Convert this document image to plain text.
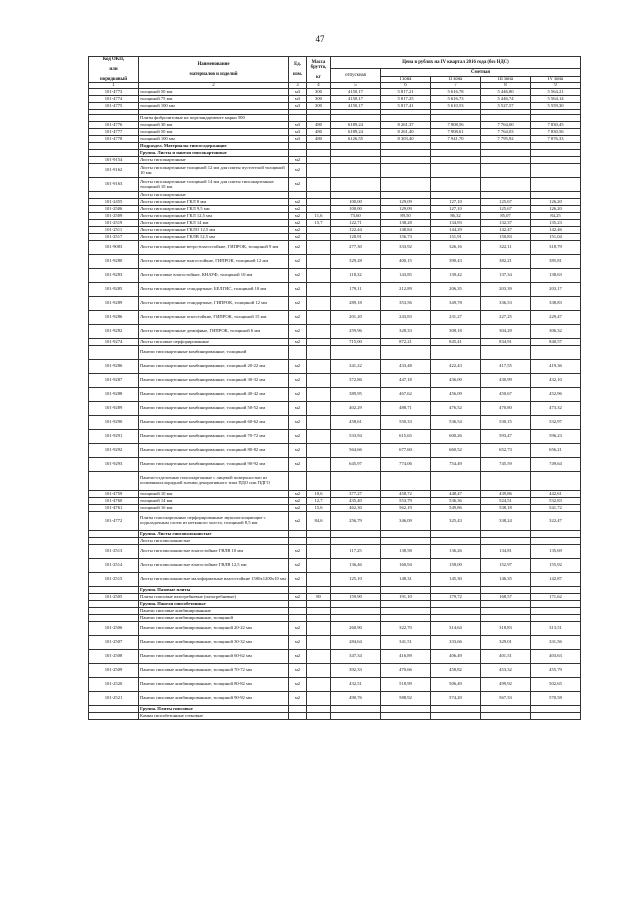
47
Код ОКП,

или

порядковый	Наименование

материалов и изделий	Ед.

изм.	Масса
брутто,

кг	Цена в рублях на IV квартал 2016 года (без НДС)				
				отпускная	Сметная			
					I зона	II зона	III зона	IV зона
1	2	3	4	5	6	7	8	9
101-4773	толщиной 50 мм	м3	300	4150,17	5 817,21	5 616,78	5 446,80	5 564,21
101-4774	толщиной 75 мм	м3	300	4150,17	5 817,25	5 616,73	5 446,74	5 564,14
101-4775	толщиной 100 мм	м3	300	4150,17	5 817,41	5 610,53	5 527,57	5 559,30

	Плиты фибролитовые на портландцементе марки 500							
101-4776	толщиной 30 мм	м3	480	6189,24	8 261,37	7 908,56	7 764,00	7 830,45
101-4777	толщиной 50 мм	м3	480	6189,24	8 261,40	7 908,61	7 764,03	7 830,56
101-4778	толщиной 100 мм	м3	480	6126,55	8 303,40	7 941,70	7 795,92	7 876,33
	Подраздел. Материалы гипсосодержащие							
	Группа. Листы и панели гипсокартонные							
101-9154	Листы гипсокартонные	м2						
101-9162	Листы гипсокартонные толщиной 12 мм для плиты пустотелой толщиной 10 мм	м2						
101-9163	Листы гипсокартонные толщиной 14 мм для плиты гипсокартонные толщиной 10 мм	м2						
	Листы гипсокартонные							
101-2455	Листы гипсокартонные ГКЛ 8 мм	м2		100,00	129,09	127,10	125,67	126,20
101-2506	Листы гипсокартонные ГКЛ 9,5 мм	м2		100,00	129,09	127,10	125,67	126,20
101-2509	Листы гипсокартонные ГКЛ 12,5 мм	м2	11,6	73,60	89,50	86,32	85,07	84,25
101-2519	Листы гипсокартонные ГКЛ 14 мм	м2	15,7	122,71	138,28	134,93	132,37	135,23
101-2511	Листы гипсокартонные ГКЛО 12,5 мм	м2		122,44	148,84	144,29	142,47	142,46
101-2517	Листы гипсокартонные ГКЛВ 12,5 мм	м2		128,91	156,73	151,91	150,83	151,04
101-9083	Листы гипсокартонные ветро-влагостойкие, ГИПРОК, толщиной 9 мм	м2		277,30	333,92	326,16	322,11	318,79
101-9280	Листы гипсокартонные влагостойкие, ГИПРОК, толщиной 12 мм	м2		329,28	400,15	390,43	382,21	385,81
101-9283	Листы гипсовые влагостойкие, КНАУФ, толщиной 10 мм	м2		118,32	143,85	139,42	137,34	138,63
101-9285	Листы гипсокартонные стандартные, БЕЛГИС, толщиной 10 мм	м2		179,11	212,89	206,35	203,39	203,17
101-9289	Листы гипсокартонные стандартные, ГИПРОК, толщиной 12 мм	м2		289,18	353,56	349,78	336,53	338,83
101-9286	Листы гипсокартонные огнестойкие, ГИПРОК, толщиной 15 мм	м2		201,20	243,83	231,27	227,25	229,47
101-9282	Листы гипсокартонные демпфные, ГИПРОК, толщиной 6 мм	м2		259,96	328,33	308,18	304,29	306,32
101-9274	Листы гипсовые перфорированные	м2		715,00	872,21	845,41	834,91	840,57
	Панели гипсокартонные комбинированные, толщиной							
101-9286	Панели гипсокартонные комбинированные, толщиной 20-22 мм	м2		341,22	433,48	422,43	417,55	419,36
101-9287	Панели гипсокартонные комбинированные, толщиной 30-32 мм	м2		372,86	447,18	436,00	430,99	432,10
101-9288	Панели гипсокартонные комбинированные, толщиной 40-42 мм	м2		389,95	467,62	456,09	450,67	452,96
101-9289	Панели гипсокартонные комбинированные, толщиной 50-52 мм	м2		402,29	488,71	476,52	470,80	473,32
101-9290	Панели гипсокартонные комбинированные, толщиной 60-62 мм	м2		458,61	550,33	536,54	530,15	532,97
101-9291	Панели гипсокартонные комбинированные, толщиной 70-72 мм	м2		533,94	615,65	600,26	593,47	596,23
101-9292	Панели гипсокартонные комбинированные, толщиной 80-82 мм	м2		564,66	677,60	660,52	652,73	656,21
101-9293	Панели гипсокартонные комбинированные, толщиной 90-92 мм	м2		645,97	774,06	754,49	745,59	749,64
	Панели-отделочные гипсокартонные с лицевой поверхностью из поливинилхлоридной пленки декоративного типа ПДО или ПДГО							
101-4759	толщиной 10 мм	м2	10,6	377,27	458,72	448,47	439,86	442,61
101-4760	толщиной 14 мм	м2	12,7	435,40	553,79	536,36	524,51	532,83
101-4761	толщиной 16 мм	м2	15,6	462,30	562,19	549,86	538,18	541,72
101-4772	Плиты гипсокартонные перфорированные звукопоглощающие с подкладочным слоем из нетканого холста, толщиной 8,5 мм	м2	84,6	256,79	346,09	325,43	338,24	322,47
	Группа. Листы гипсоволокнистые							
	Листы гипсоволокнистые							
101-2513	Листы гипсоволокнистые влагостойкие ГВЛВ 10 мм	м2		117,25	138,58	136,26	134,81	135,69
101-2514	Листы гипсоволокнистые влагостойкие ГВЛВ 12,5 мм	м2		136,46	160,94	158,00	152,97	155,92
101-2515	Листы гипсоволокнистые малоформатные влагостойкие 1500х1200х10 мм	м2		125,10	148,31	145,30	146,35	142,87
	Группа. Пазовые плиты							
101-2505	Плиты гипсовые пазогребневые (пазогребневые)	м2	80	159,90	191,10	179,72	168,57	171,62
	Группа. Панели гипсобетонные							
	Панели гипсовые комбинированные							
	Панели гипсовые комбинированные, толщиной							
101-2506	Панели гипсовые комбинированные, толщиной 20-22 мм	м2		260,90	322,70	314,64	318,83	313,51
101-2507	Панели гипсовые комбинированные, толщиной 30-32 мм	м2		284,64	341,51	333,66	329,01	331,56
101-2508	Панели гипсовые комбинированные, толщиной 60-62 мм	м2		347,34	416,89	406,49	401,51	403,63
101-2509	Панели гипсовые комбинированные, толщиной 70-72 мм	м2		392,33	470,66	458,82	453,32	455,79
101-2520	Панели гипсовые комбинированные, толщиной 80-82 мм	м2		432,51	518,99	506,49	499,92	502,65
101-2521	Панели гипсовые комбинированные, толщиной 90-92 мм	м2		490,76	588,92	574,20	567,33	570,58
	Группа. Плиты гипсовые							
	Камни гипсобетонные стеновые							
